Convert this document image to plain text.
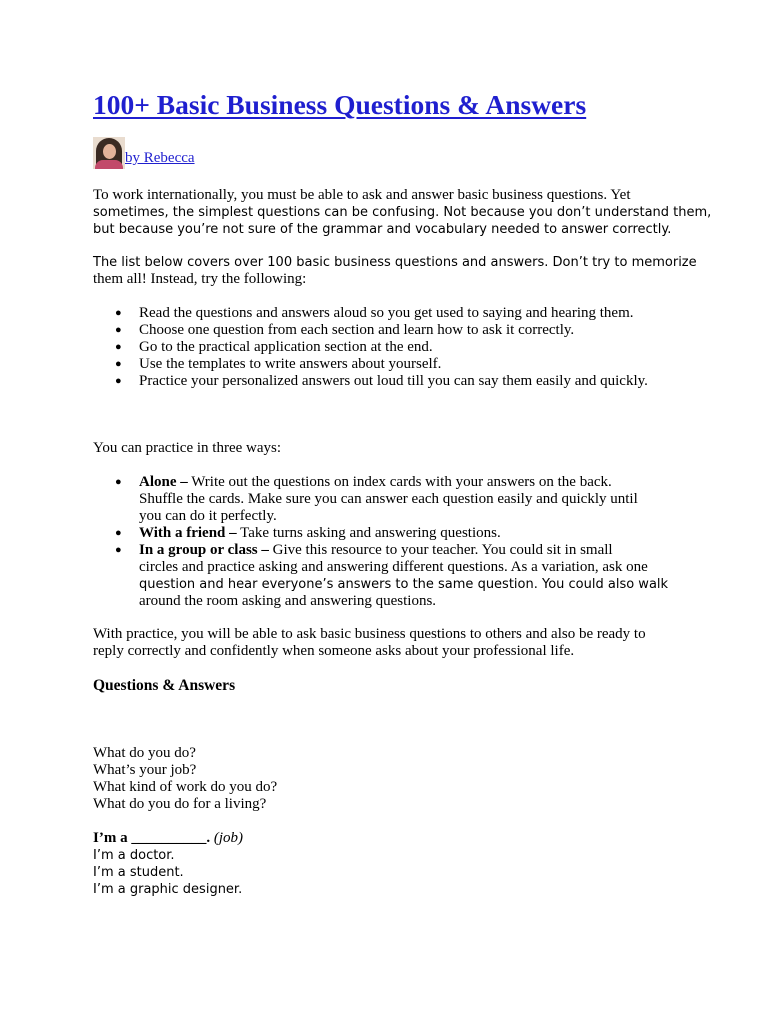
100+ Basic Business Questions & Answers
by Rebecca

To work internationally, you must be able to ask and answer basic business questions. Yet
sometimes, the simplest questions can be confusing. Not because you don’t understand them,
but because you’re not sure of the grammar and vocabulary needed to answer correctly.

The list below covers over 100 basic business questions and answers. Don’t try to memorize
them all! Instead, try the following:

● Read the questions and answers aloud so you get used to saying and hearing them.
● Choose one question from each section and learn how to ask it correctly.
● Go to the practical application section at the end.
● Use the templates to write answers about yourself.
● Practice your personalized answers out loud till you can say them easily and quickly.

You can practice in three ways:

● Alone – Write out the questions on index cards with your answers on the back.
Shuffle the cards. Make sure you can answer each question easily and quickly until
you can do it perfectly.
● With a friend – Take turns asking and answering questions.
● In a group or class – Give this resource to your teacher. You could sit in small
circles and practice asking and answering different questions. As a variation, ask one
question and hear everyone’s answers to the same question. You could also walk
around the room asking and answering questions.

With practice, you will be able to ask basic business questions to others and also be ready to
reply correctly and confidently when someone asks about your professional life.

Questions & Answers
What do you do?
What’s your job?
What kind of work do you do?
What do you do for a living?
I’m a __________. (job)
I’m a doctor.
I’m a student.
I’m a graphic designer.
